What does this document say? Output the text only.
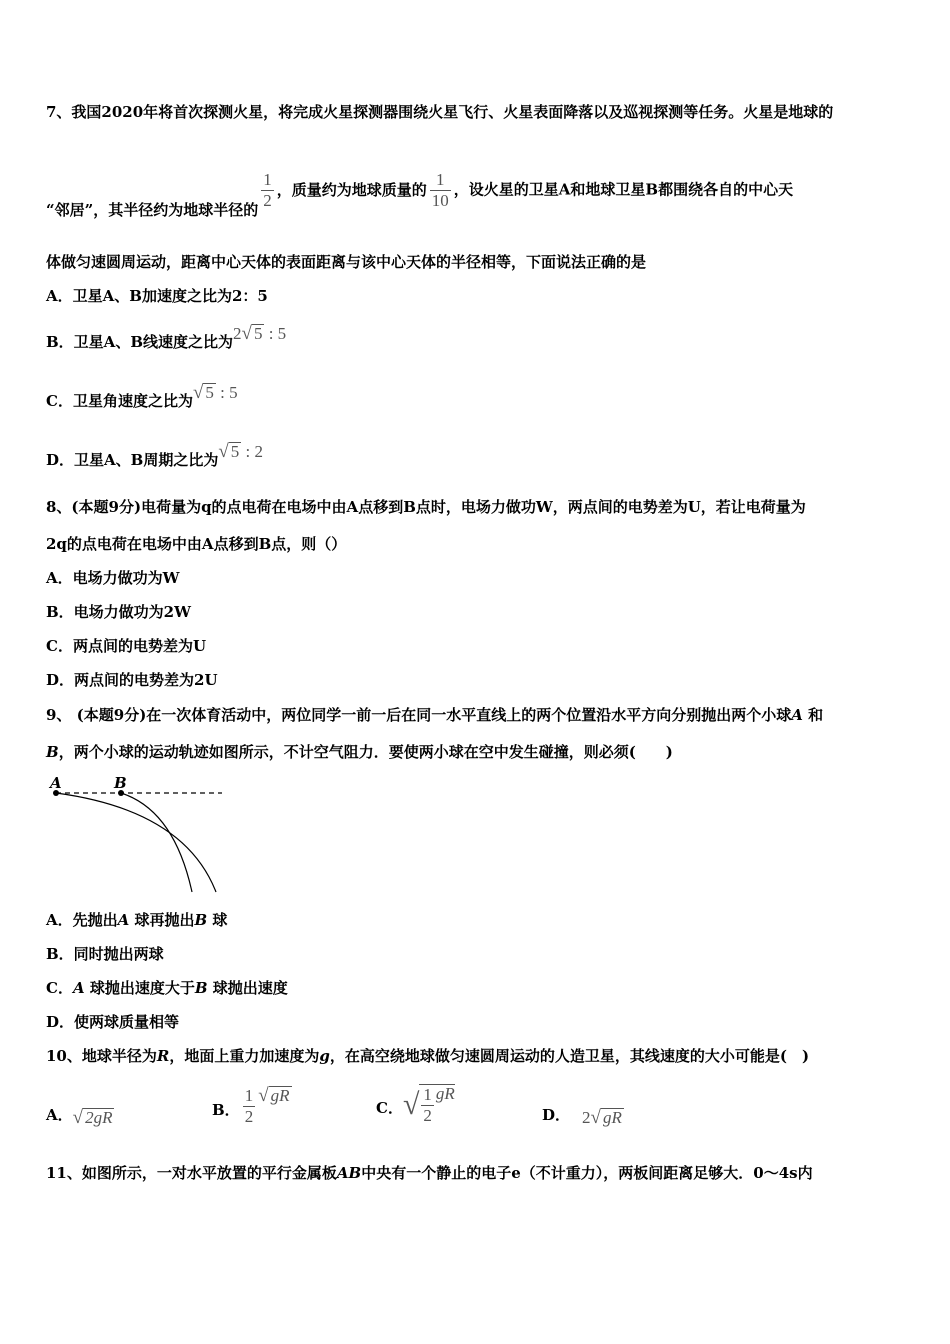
7、我国2020年将首次探测火星，将完成火星探测器围绕火星飞行、火星表面降落以及巡视探测等任务。火星是地球的
“邻居”，其半径约为地球半径的 $\frac{1}{2}$ ，质量约为地球质量的 $\frac{1}{10}$ ，设火星的卫星A和地球卫星B都围绕各自的中心天
体做匀速圆周运动，距离中心天体的表面距离与该中心天体的半径相等，下面说法正确的是
A．卫星A、B加速度之比为2：5
B．卫星A、B线速度之比为2√ 5 : 5
C．卫星角速度之比为√ 5 : 5
D．卫星A、B周期之比为√ 5 : 2
8、(本题9分)电荷量为q的点电荷在电场中由A点移到B点时，电场力做功W，两点间的电势差为U，若让电荷量为
2q的点电荷在电场中由A点移到B点，则（）
A．电场力做功为W
B．电场力做功为2W
C．两点间的电势差为U
D．两点间的电势差为2U
9、 (本题9分)在一次体育活动中，两位同学一前一后在同一水平直线上的两个位置沿水平方向分别抛出两个小球A 和
B，两个小球的运动轨迹如图所示，不计空气阻力．要使两小球在空中发生碰撞，则必须(　　)
A	B
A．先抛出A 球再抛出B 球
B．同时抛出两球
C．A 球抛出速度大于B 球抛出速度
D．使两球质量相等
10、地球半径为R，地面上重力加速度为g，在高空绕地球做匀速圆周运动的人造卫星，其线速度的大小可能是(　)
A．√ 2gR	B． $\frac{1}{2}$ √ gR
C．√ $\frac{1}{2}$ gR
D． 2√ gR
11、如图所示，一对水平放置的平行金属板AB中央有一个静止的电子e（不计重力），两板间距离足够大．0～4s内
